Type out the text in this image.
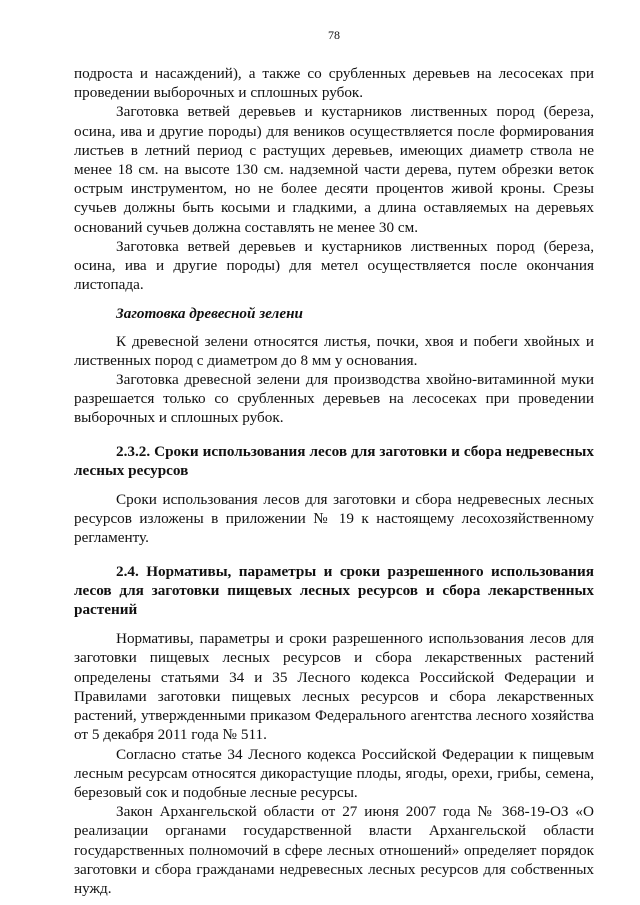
78

подроста и насаждений), а также со срубленных деревьев на лесосеках при проведении выборочных и сплошных рубок.

Заготовка ветвей деревьев и кустарников лиственных пород (береза, осина, ива и другие породы) для веников осуществляется после формирования листьев в летний период с растущих деревьев, имеющих диаметр ствола не менее 18 см. на высоте 130 см. надземной части дерева, путем обрезки веток острым инструментом, но не более десяти процентов живой кроны. Срезы сучьев должны быть косыми и гладкими, а длина оставляемых на деревьях оснований сучьев должна составлять не менее 30 см.

Заготовка ветвей деревьев и кустарников лиственных пород (береза, осина, ива и другие породы) для метел осуществляется после окончания листопада.

Заготовка древесной зелени

К древесной зелени относятся листья, почки, хвоя и побеги хвойных и лиственных пород с диаметром до 8 мм у основания.

Заготовка древесной зелени для производства хвойно-витаминной муки разрешается только со срубленных деревьев на лесосеках при проведении выборочных и сплошных рубок.

2.3.2. Сроки использования лесов для заготовки и сбора недревесных лесных ресурсов

Сроки использования лесов для заготовки и сбора недревесных лесных ресурсов изложены в приложении № 19 к настоящему лесохозяйственному регламенту.

2.4. Нормативы, параметры и сроки разрешенного использования лесов для заготовки пищевых лесных ресурсов и сбора лекарственных растений

Нормативы, параметры и сроки разрешенного использования лесов для заготовки пищевых лесных ресурсов и сбора лекарственных растений определены статьями 34 и 35 Лесного кодекса Российской Федерации и Правилами заготовки пищевых лесных ресурсов и сбора лекарственных растений, утвержденными приказом Федерального агентства лесного хозяйства от 5 декабря 2011 года № 511.

Согласно статье 34 Лесного кодекса Российской Федерации к пищевым лесным ресурсам относятся дикорастущие плоды, ягоды, орехи, грибы, семена, березовый сок и подобные лесные ресурсы.

Закон Архангельской области от 27 июня 2007 года № 368-19-ОЗ «О реализации органами государственной власти Архангельской области государственных полномочий в сфере лесных отношений» определяет порядок заготовки и сбора гражданами недревесных лесных ресурсов для собственных нужд.
